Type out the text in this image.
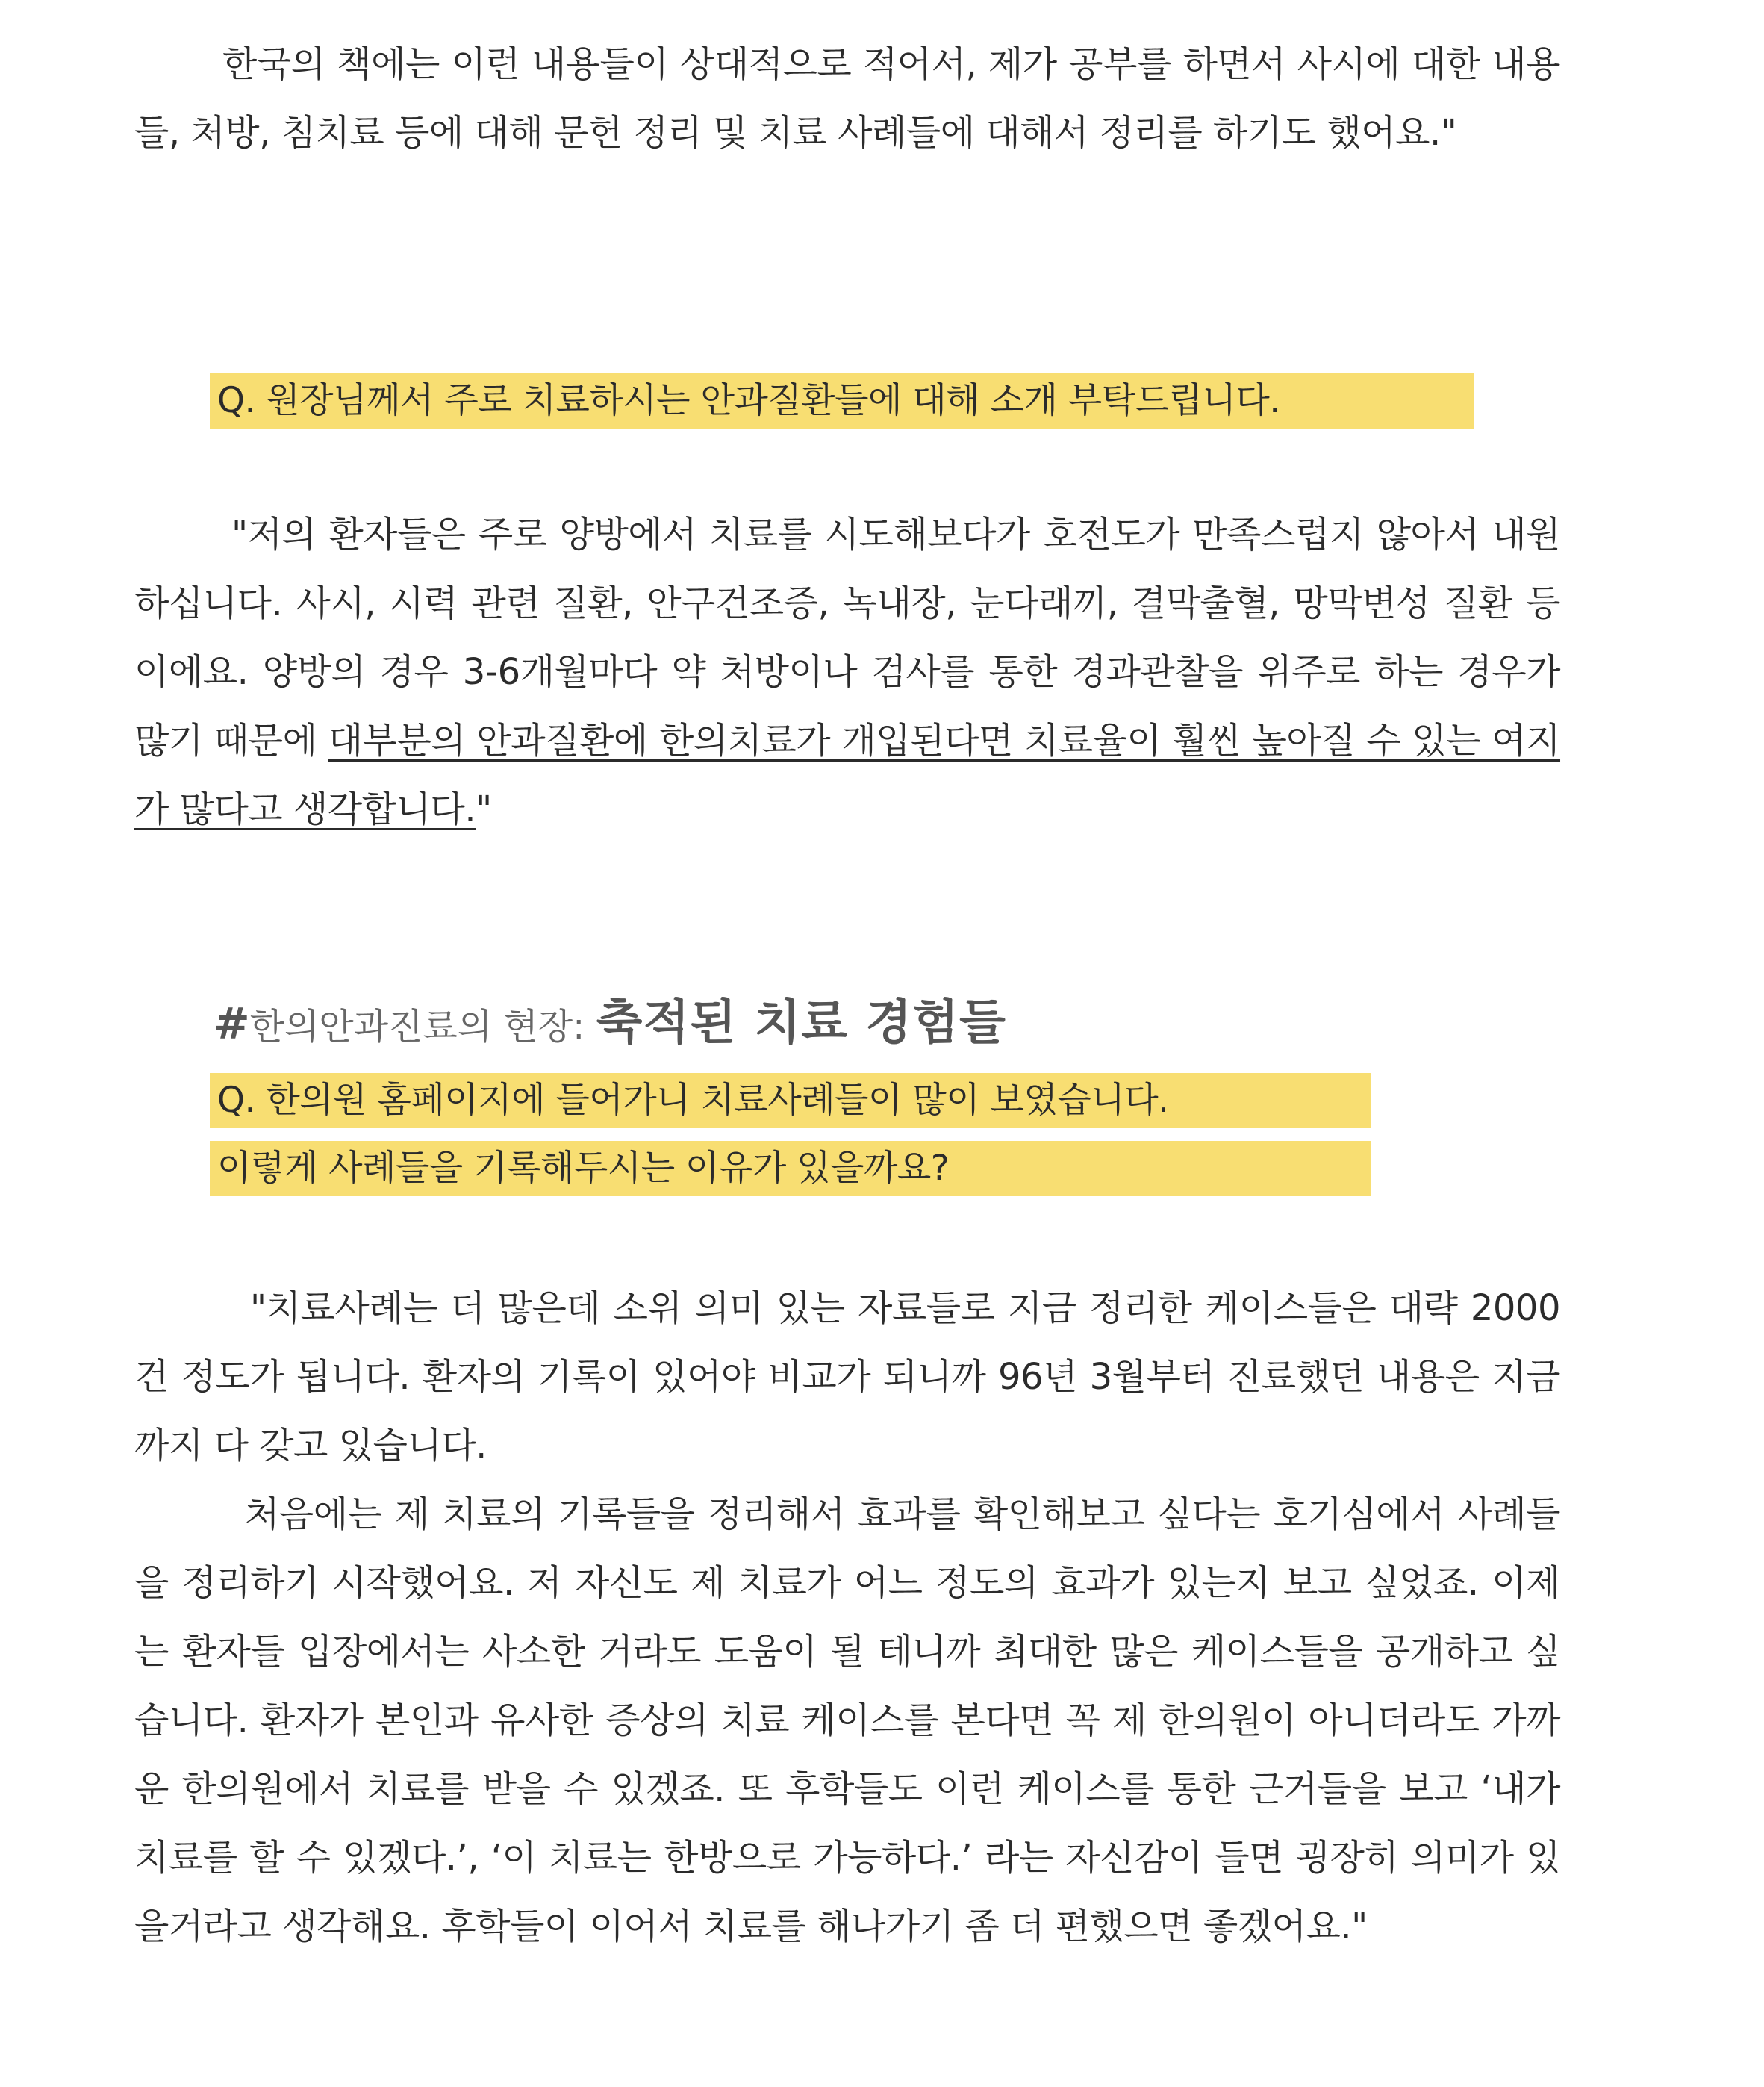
한국의 책에는 이런 내용들이 상대적으로 적어서, 제가 공부를 하면서 사시에 대한 내용들, 처방, 침치료 등에 대해 문헌 정리 및 치료 사례들에 대해서 정리를 하기도 했어요."

Q. 원장님께서 주로 치료하시는 안과질환들에 대해 소개 부탁드립니다.

"저의 환자들은 주로 양방에서 치료를 시도해보다가 호전도가 만족스럽지 않아서 내원하십니다. 사시, 시력 관련 질환, 안구건조증, 녹내장, 눈다래끼, 결막출혈, 망막변성 질환 등이에요. 양방의 경우 3-6개월마다 약 처방이나 검사를 통한 경과관찰을 위주로 하는 경우가 많기 때문에 대부분의 안과질환에 한의치료가 개입된다면 치료율이 훨씬 높아질 수 있는 여지가 많다고 생각합니다."

#한의안과진료의 현장: 축적된 치료 경험들
Q. 한의원 홈페이지에 들어가니 치료사례들이 많이 보였습니다.
이렇게 사례들을 기록해두시는 이유가 있을까요?

"치료사례는 더 많은데 소위 의미 있는 자료들로 지금 정리한 케이스들은 대략 2000건 정도가 됩니다. 환자의 기록이 있어야 비교가 되니까 96년 3월부터 진료했던 내용은 지금까지 다 갖고 있습니다.

처음에는 제 치료의 기록들을 정리해서 효과를 확인해보고 싶다는 호기심에서 사례들을 정리하기 시작했어요. 저 자신도 제 치료가 어느 정도의 효과가 있는지 보고 싶었죠. 이제는 환자들 입장에서는 사소한 거라도 도움이 될 테니까 최대한 많은 케이스들을 공개하고 싶습니다. 환자가 본인과 유사한 증상의 치료 케이스를 본다면 꼭 제 한의원이 아니더라도 가까운 한의원에서 치료를 받을 수 있겠죠. 또 후학들도 이런 케이스를 통한 근거들을 보고 ‘내가 치료를 할 수 있겠다.’, ‘이 치료는 한방으로 가능하다.’ 라는 자신감이 들면 굉장히 의미가 있을거라고 생각해요. 후학들이 이어서 치료를 해나가기 좀 더 편했으면 좋겠어요."
